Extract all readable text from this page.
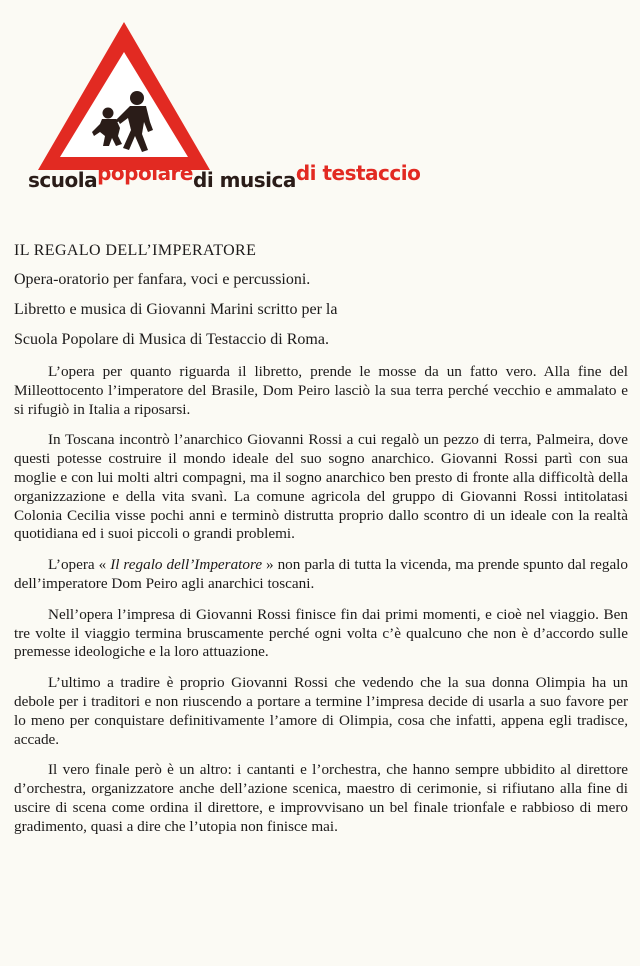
scuolapopolaredi musicadi testaccio
IL REGALO DELL’IMPERATORE

Opera-oratorio per fanfara, voci e percussioni.

Libretto e musica di Giovanni Marini scritto per la

Scuola Popolare di Musica di Testaccio di Roma.

L’opera per quanto riguarda il libretto, prende le mosse da un fatto vero. Alla fine del Milleottocento l’imperatore del Brasile, Dom Peiro lasciò la sua terra perché vecchio e ammalato e si rifugiò in Italia a riposarsi.

In Toscana incontrò l’anarchico Giovanni Rossi a cui regalò un pezzo di terra, Palmeira, dove questi potesse costruire il mondo ideale del suo sogno anarchico. Giovanni Rossi partì con sua moglie e con lui molti altri compagni, ma il sogno anarchico ben presto di fronte alla difficoltà della organizzazione e della vita svanì. La comune agricola del gruppo di Giovanni Rossi intitolatasi Colonia Cecilia visse pochi anni e terminò distrutta proprio dallo scontro di un ideale con la realtà quotidiana ed i suoi piccoli o grandi problemi.

L’opera « Il regalo dell’Imperatore » non parla di tutta la vicenda, ma prende spunto dal regalo dell’imperatore Dom Peiro agli anarchici toscani.

Nell’opera l’impresa di Giovanni Rossi finisce fin dai primi momenti, e cioè nel viaggio. Ben tre volte il viaggio termina bruscamente perché ogni volta c’è qualcuno che non è d’accordo sulle premesse ideologiche e la loro attuazione.

L’ultimo a tradire è proprio Giovanni Rossi che vedendo che la sua donna Olimpia ha un debole per i traditori e non riuscendo a portare a termine l’impresa decide di usarla a suo favore per lo meno per conquistare definitivamente l’amore di Olimpia, cosa che infatti, appena egli tradisce, accade.

Il vero finale però è un altro: i cantanti e l’orchestra, che hanno sempre ubbidito al direttore d’orchestra, organizzatore anche dell’azione scenica, maestro di cerimonie, si rifiutano alla fine di uscire di scena come ordina il direttore, e improvvisano un bel finale trionfale e rabbioso di mero gradimento, quasi a dire che l’utopia non finisce mai.
